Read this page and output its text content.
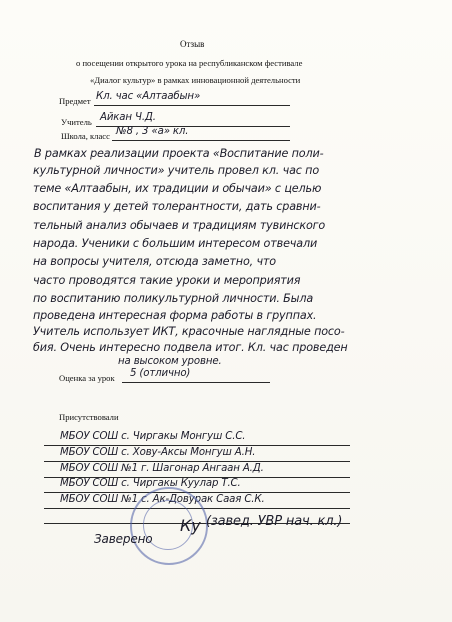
Отзыв
о посещении открытого урока на республиканском фестивале
«Диалог культур» в рамках инновационной деятельности
Предмет Кл. час «Алтаабын»
Учитель Айкан Ч.Д.
Школа, класс №8 , 3 «а» кл.
В рамках реализации проекта «Воспитание поли-
культурной личности» учитель провел кл. час по
теме «Алтаабын, их традиции и обычаи» с целью
воспитания у детей толерантности, дать сравни-
тельный анализ обычаев и традициям тувинского
народа. Ученики с большим интересом отвечали
на вопросы учителя, отсюда заметно, что
часто проводятся такие уроки и мероприятия
по воспитанию поликультурной личности. Была
проведена интересная форма работы в группах.
Учитель использует ИКТ, красочные наглядные посо-
бия. Очень интересно подвела итог. Кл. час проведен
на высоком уровне.
Оценка за урок 5 (отлично)
Присутствовали
МБОУ СОШ с. Чиргакы Монгуш С.С.
МБОУ СОШ с. Хову-Аксы Монгуш А.Н.
МБОУ СОШ №1 г. Шагонар Ангаан А.Д.
МБОУ СОШ с. Чиргакы Куулар Т.С.
МБОУ СОШ №1 с. Ак-Довурак Саая С.К.
Заверено
Ку (завед. УВР нач. кл.)
